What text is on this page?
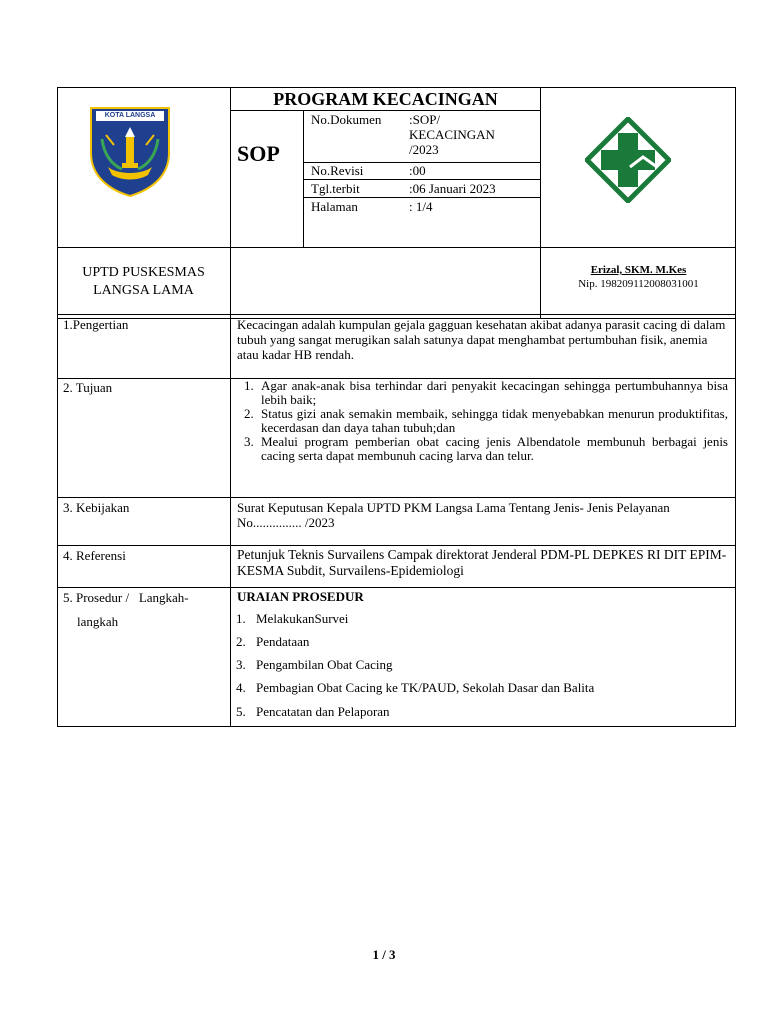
KOTA LANGSA
PROGRAM KECACINGAN
SOP
No.Dokumen :SOP/ KECACINGAN /2023
No.Revisi	:00
Tgl.terbit	:06 Januari 2023
Halaman	: 1/4
UPTD PUSKESMAS
LANGSA LAMA
Erizal, SKM. M.Kes
Nip. 198209112008031001
1.Pengertian	Kecacingan adalah kumpulan gejala gagguan kesehatan akibat adanya parasit cacing di dalam tubuh yang sangat merugikan salah satunya dapat menghambat pertumbuhan fisik, anemia atau kadar HB rendah.
2. Tujuan
1.	Agar anak-anak bisa terhindar dari penyakit kecacingan sehingga pertumbuhannya bisa lebih baik;
2. Status gizi anak semakin membaik, sehingga tidak menyebabkan menurun produktifitas, kecerdasan dan daya tahan tubuh;dan
3. Mealui program pemberian obat cacing jenis Albendatole membunuh berbagai jenis cacing serta dapat membunuh cacing larva dan telur.
3. Kebijakan	Surat Keputusan Kepala UPTD PKM Langsa Lama Tentang Jenis- Jenis Pelayanan No............... /2023
4. Referensi	Petunjuk Teknis Survailens Campak direktorat Jenderal PDM-PL DEPKES RI DIT EPIM-KESMA Subdit, Survailens-Epidemiologi
5. Prosedur /   Langkah-
langkah
URAIAN PROSEDUR
1. MelakukanSurvei
2. Pendataan
3. Pengambilan Obat Cacing
4. Pembagian Obat Cacing ke TK/PAUD, Sekolah Dasar dan Balita
5. Pencatatan dan Pelaporan
1 / 3
